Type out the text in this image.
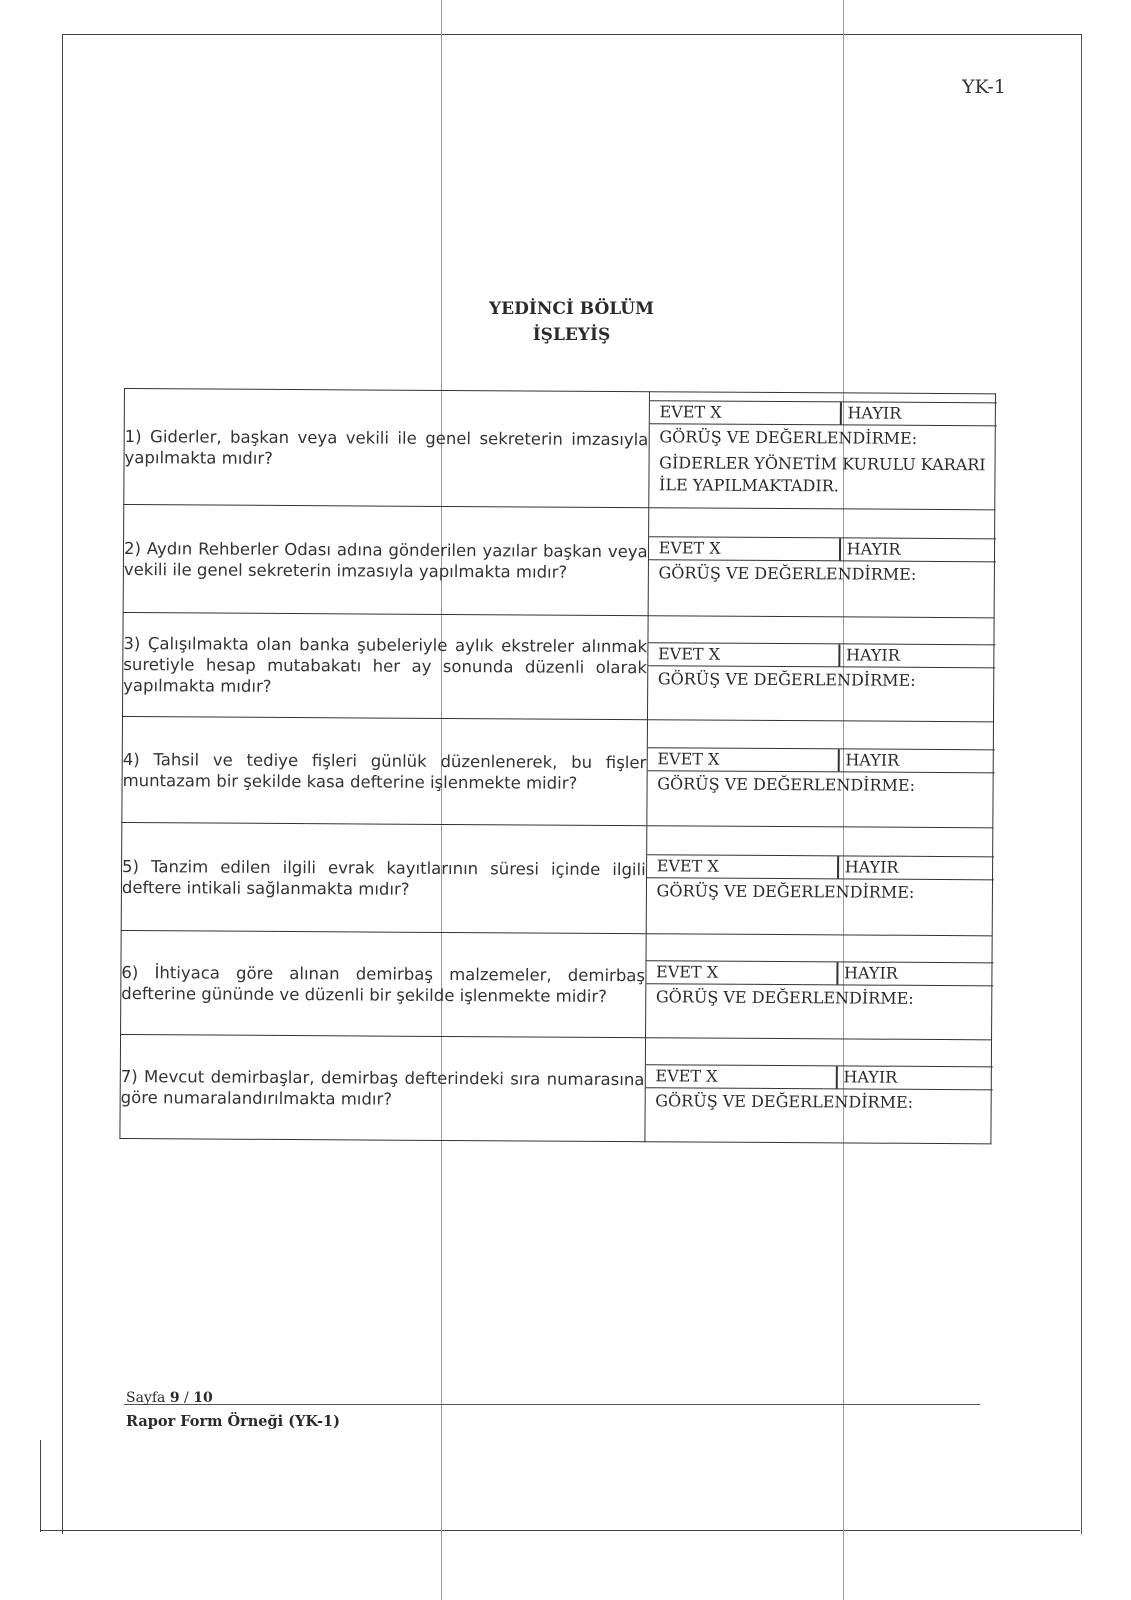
YK-1
YEDİNCİ BÖLÜM
İŞLEYİŞ
1) Giderler, başkan veya vekili ile genel sekreterin imzasıyla yapılmakta mıdır?	EVET X HAYIR
GÖRÜŞ VE DEĞERLENDİRME:
GİDERLER YÖNETİM KURULU KARARI İLE YAPILMAKTADIR.

2) Aydın Rehberler Odası adına gönderilen yazılar başkan veya vekili ile genel sekreterin imzasıyla yapılmakta mıdır?	EVET X HAYIR
GÖRÜŞ VE DEĞERLENDİRME:

3) Çalışılmakta olan banka şubeleriyle aylık ekstreler alınmak suretiyle hesap mutabakatı her ay sonunda düzenli olarak yapılmakta mıdır?	EVET X HAYIR
GÖRÜŞ VE DEĞERLENDİRME:

4) Tahsil ve tediye fişleri günlük düzenlenerek, bu fişler muntazam bir şekilde kasa defterine işlenmekte midir?	EVET X HAYIR
GÖRÜŞ VE DEĞERLENDİRME:

5) Tanzim edilen ilgili evrak kayıtlarının süresi içinde ilgili deftere intikali sağlanmakta mıdır?	EVET X HAYIR
GÖRÜŞ VE DEĞERLENDİRME:

6) İhtiyaca göre alınan demirbaş malzemeler, demirbaş defterine gününde ve düzenli bir şekilde işlenmekte midir?	EVET X HAYIR
GÖRÜŞ VE DEĞERLENDİRME:

7) Mevcut demirbaşlar, demirbaş defterindeki sıra numarasına göre numaralandırılmakta mıdır?	EVET X HAYIR
GÖRÜŞ VE DEĞERLENDİRME:
Sayfa 9 / 10
Rapor Form Örneği (YK-1)
